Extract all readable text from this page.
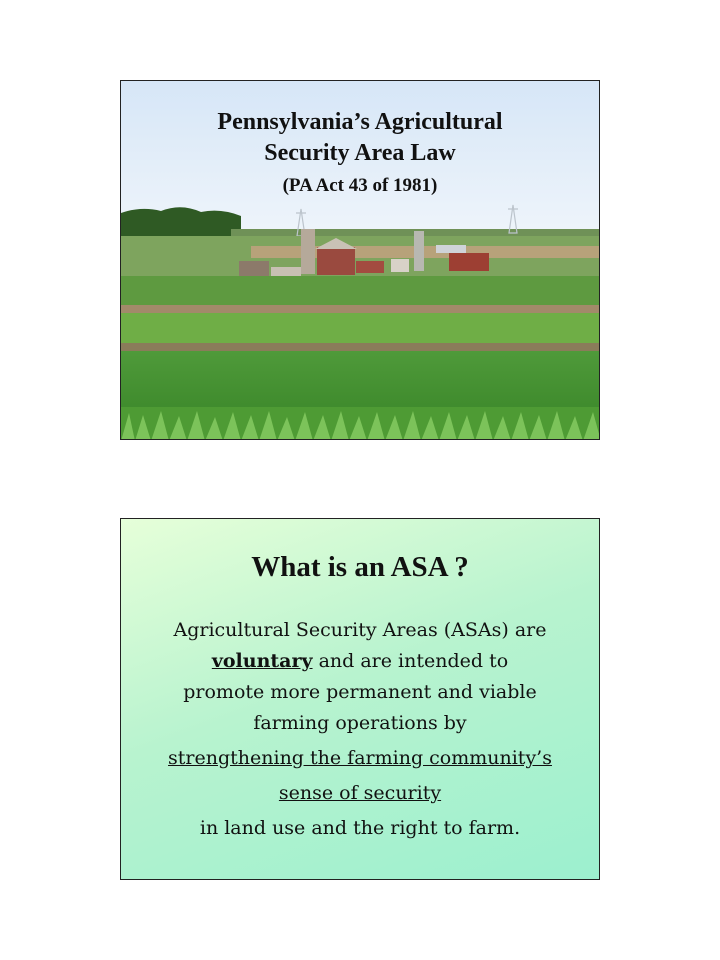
Pennsylvania’s Agricultural
Security Area Law
(PA Act 43 of 1981)
What is an ASA ?
Agricultural Security Areas (ASAs) are
voluntary and are intended to
promote more permanent and viable
farming operations by
strengthening the farming community’s
sense of security
in land use and the right to farm.
